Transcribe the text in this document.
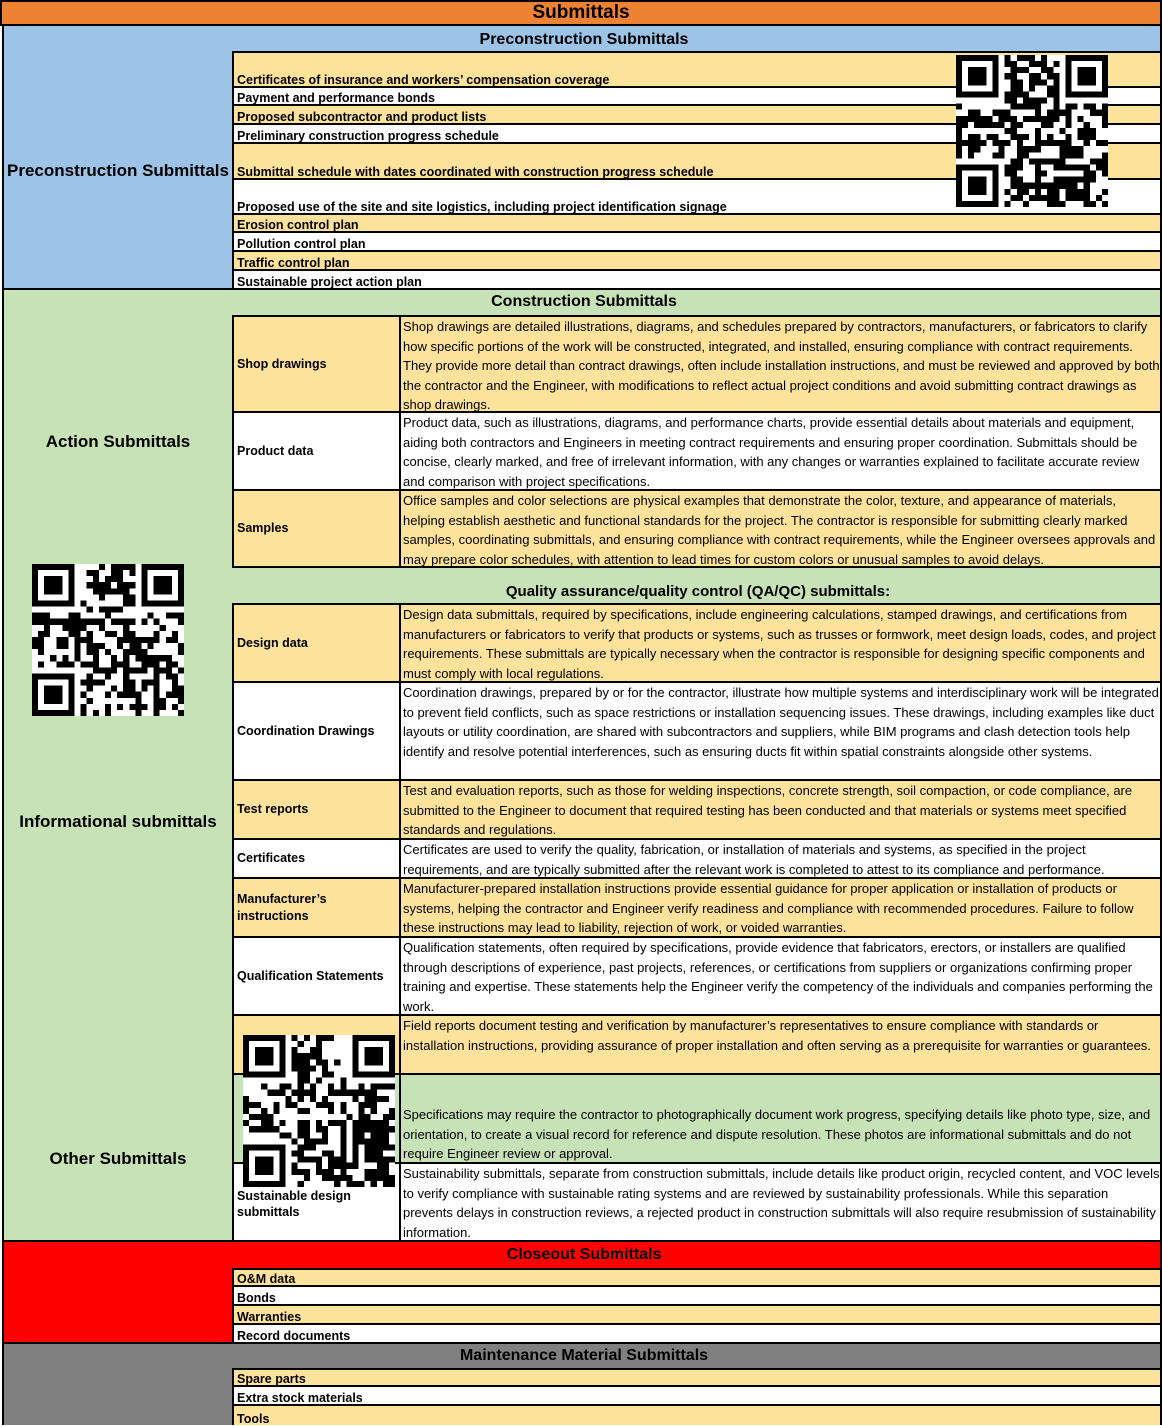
Submittals
Preconstruction Submittals
Preconstruction Submittals
Certificates of insurance and workers’ compensation coverage
Payment and performance bonds
Proposed subcontractor and product lists
Preliminary construction progress schedule
Submittal schedule with dates coordinated with construction progress schedule
Proposed use of the site and site logistics, including project identification signage
Erosion control plan
Pollution control plan
Traffic control plan
Sustainable project action plan
Construction Submittals
Action Submittals
Informational submittals
Other Submittals
Quality assurance/quality control (QA/QC) submittals:
Shop drawings
Shop drawings are detailed illustrations, diagrams, and schedules prepared by contractors, manufacturers, or fabricators to clarify how specific portions of the work will be constructed, integrated, and installed, ensuring compliance with contract requirements. They provide more detail than contract drawings, often include installation instructions, and must be reviewed and approved by both the contractor and the Engineer, with modifications to reflect actual project conditions and avoid submitting contract drawings as shop drawings.
Product data
Product data, such as illustrations, diagrams, and performance charts, provide essential details about materials and equipment, aiding both contractors and Engineers in meeting contract requirements and ensuring proper coordination. Submittals should be concise, clearly marked, and free of irrelevant information, with any changes or warranties explained to facilitate accurate review and comparison with project specifications.
Samples
Office samples and color selections are physical examples that demonstrate the color, texture, and appearance of materials, helping establish aesthetic and functional standards for the project. The contractor is responsible for submitting clearly marked samples, coordinating submittals, and ensuring compliance with contract requirements, while the Engineer oversees approvals and may prepare color schedules, with attention to lead times for custom colors or unusual samples to avoid delays.
Design data
Design data submittals, required by specifications, include engineering calculations, stamped drawings, and certifications from manufacturers or fabricators to verify that products or systems, such as trusses or formwork, meet design loads, codes, and project requirements. These submittals are typically necessary when the contractor is responsible for designing specific components and must comply with local regulations.
Coordination Drawings
Coordination drawings, prepared by or for the contractor, illustrate how multiple systems and interdisciplinary work will be integrated to prevent field conflicts, such as space restrictions or installation sequencing issues. These drawings, including examples like duct layouts or utility coordination, are shared with subcontractors and suppliers, while BIM programs and clash detection tools help identify and resolve potential interferences, such as ensuring ducts fit within spatial constraints alongside other systems.
Test reports
Test and evaluation reports, such as those for welding inspections, concrete strength, soil compaction, or code compliance, are submitted to the Engineer to document that required testing has been conducted and that materials or systems meet specified standards and regulations.
Certificates
Certificates are used to verify the quality, fabrication, or installation of materials and systems, as specified in the project requirements, and are typically submitted after the relevant work is completed to attest to its compliance and performance.
Manufacturer’s instructions
Manufacturer-prepared installation instructions provide essential guidance for proper application or installation of products or systems, helping the contractor and Engineer verify readiness and compliance with recommended procedures. Failure to follow these instructions may lead to liability, rejection of work, or voided warranties.
Qualification Statements
Qualification statements, often required by specifications, provide evidence that fabricators, erectors, or installers are qualified through descriptions of experience, past projects, references, or certifications from suppliers or organizations confirming proper training and expertise. These statements help the Engineer verify the competency of the individuals and companies performing the work.
Field reports document testing and verification by manufacturer’s representatives to ensure compliance with standards or installation instructions, providing assurance of proper installation and often serving as a prerequisite for warranties or guarantees.
Specifications may require the contractor to photographically document work progress, specifying details like photo type, size, and orientation, to create a visual record for reference and dispute resolution. These photos are informational submittals and do not require Engineer review or approval.
Sustainable design submittals
Sustainability submittals, separate from construction submittals, include details like product origin, recycled content, and VOC levels to verify compliance with sustainable rating systems and are reviewed by sustainability professionals. While this separation prevents delays in construction reviews, a rejected product in construction submittals will also require resubmission of sustainability information.
Closeout Submittals
O&M data
Bonds
Warranties
Record documents
Maintenance Material Submittals
Spare parts
Extra stock materials
Tools
